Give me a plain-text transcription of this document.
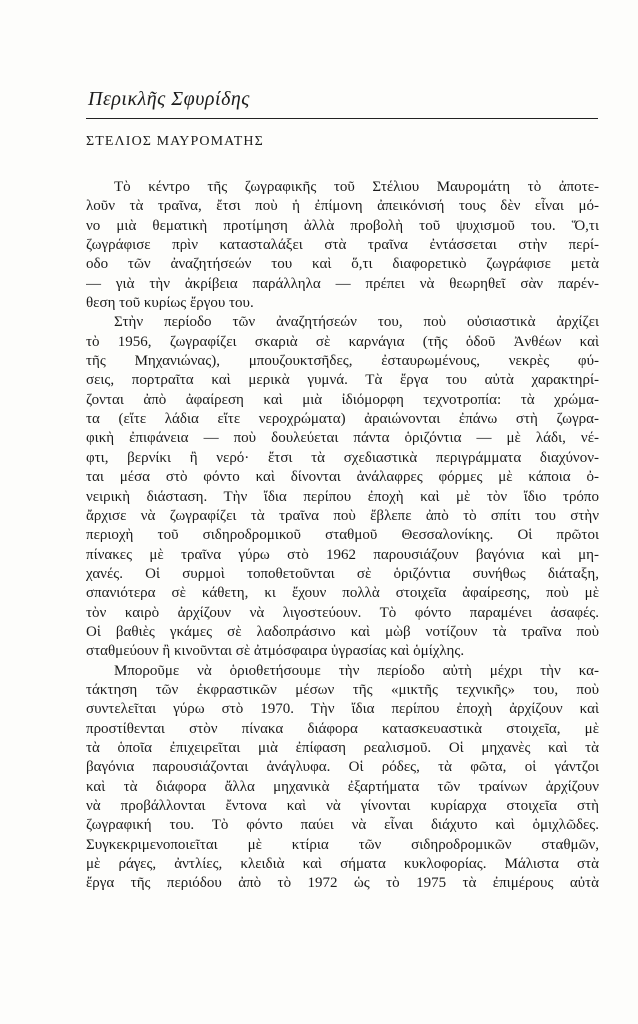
Περικλῆς Σφυρίδης
ΣΤΕΛΙΟΣ ΜΑΥΡΟΜΑΤΗΣ
Τὸ κέντρο τῆς ζωγραφικῆς τοῦ Στέλιου Μαυρομάτη τὸ ἀποτε-
λοῦν τὰ τραῖνα, ἔτσι ποὺ ἡ ἐπίμονη ἀπεικόνισή τους δὲν εἶναι μό-
νο μιὰ θεματικὴ προτίμηση ἀλλὰ προβολὴ τοῦ ψυχισμοῦ του. Ὅ,τι
ζωγράφισε πρὶν κατασταλάξει στὰ τραῖνα ἐντάσσεται στὴν περί-
οδο τῶν ἀναζητήσεών του καὶ ὅ,τι διαφορετικὸ ζωγράφισε μετὰ
— γιὰ τὴν ἀκρίβεια παράλληλα — πρέπει νὰ θεωρηθεῖ σὰν παρέν-
θεση τοῦ κυρίως ἔργου του.
Στὴν περίοδο τῶν ἀναζητήσεών του, ποὺ οὐσιαστικὰ ἀρχίζει
τὸ 1956, ζωγραφίζει σκαριὰ σὲ καρνάγια (τῆς ὁδοῦ Ἀνθέων καὶ
τῆς Μηχανιώνας), μπουζουκτσῆδες, ἐσταυρωμένους, νεκρὲς φύ-
σεις, πορτραῖτα καὶ μερικὰ γυμνά. Τὰ ἔργα του αὐτὰ χαρακτηρί-
ζονται ἀπὸ ἀφαίρεση καὶ μιὰ ἰδιόμορφη τεχνοτροπία: τὰ χρώμα-
τα (εἴτε λάδια εἴτε νεροχρώματα) ἀραιώνονται ἐπάνω στὴ ζωγρα-
φικὴ ἐπιφάνεια — ποὺ δουλεύεται πάντα ὁριζόντια — μὲ λάδι, νέ-
φτι, βερνίκι ἢ νερό· ἔτσι τὰ σχεδιαστικὰ περιγράμματα διαχύνον-
ται μέσα στὸ φόντο καὶ δίνονται ἀνάλαφρες φόρμες μὲ κάποια ὀ-
νειρικὴ διάσταση. Τὴν ἴδια περίπου ἐποχὴ καὶ μὲ τὸν ἴδιο τρόπο
ἄρχισε νὰ ζωγραφίζει τὰ τραῖνα ποὺ ἔβλεπε ἀπὸ τὸ σπίτι του στὴν
περιοχὴ τοῦ σιδηροδρομικοῦ σταθμοῦ Θεσσαλονίκης. Οἱ πρῶτοι
πίνακες μὲ τραῖνα γύρω στὸ 1962 παρουσιάζουν βαγόνια καὶ μη-
χανές. Οἱ συρμοὶ τοποθετοῦνται σὲ ὁριζόντια συνήθως διάταξη,
σπανιότερα σὲ κάθετη, κι ἔχουν πολλὰ στοιχεῖα ἀφαίρεσης, ποὺ μὲ
τὸν καιρὸ ἀρχίζουν νὰ λιγοστεύουν. Τὸ φόντο παραμένει ἀσαφές.
Οἱ βαθιὲς γκάμες σὲ λαδοπράσινο καὶ μὼβ νοτίζουν τὰ τραῖνα ποὺ
σταθμεύουν ἢ κινοῦνται σὲ ἀτμόσφαιρα ὑγρασίας καὶ ὁμίχλης.
Μποροῦμε νὰ ὁριοθετήσουμε τὴν περίοδο αὐτὴ μέχρι τὴν κα-
τάκτηση τῶν ἐκφραστικῶν μέσων τῆς «μικτῆς τεχνικῆς» του, ποὺ
συντελεῖται γύρω στὸ 1970. Τὴν ἴδια περίπου ἐποχὴ ἀρχίζουν καὶ
προστίθενται στὸν πίνακα διάφορα κατασκευαστικὰ στοιχεῖα, μὲ
τὰ ὁποῖα ἐπιχειρεῖται μιὰ ἐπίφαση ρεαλισμοῦ. Οἱ μηχανὲς καὶ τὰ
βαγόνια παρουσιάζονται ἀνάγλυφα. Οἱ ρόδες, τὰ φῶτα, οἱ γάντζοι
καὶ τὰ διάφορα ἄλλα μηχανικὰ ἐξαρτήματα τῶν τραίνων ἀρχίζουν
νὰ προβάλλονται ἔντονα καὶ νὰ γίνονται κυρίαρχα στοιχεῖα στὴ
ζωγραφική του. Τὸ φόντο παύει νὰ εἶναι διάχυτο καὶ ὁμιχλῶδες.
Συγκεκριμενοποιεῖται μὲ κτίρια τῶν σιδηροδρομικῶν σταθμῶν,
μὲ ράγες, ἀντλίες, κλειδιὰ καὶ σήματα κυκλοφορίας. Μάλιστα στὰ
ἔργα τῆς περιόδου ἀπὸ τὸ 1972 ὡς τὸ 1975 τὰ ἐπιμέρους αὐτὰ
